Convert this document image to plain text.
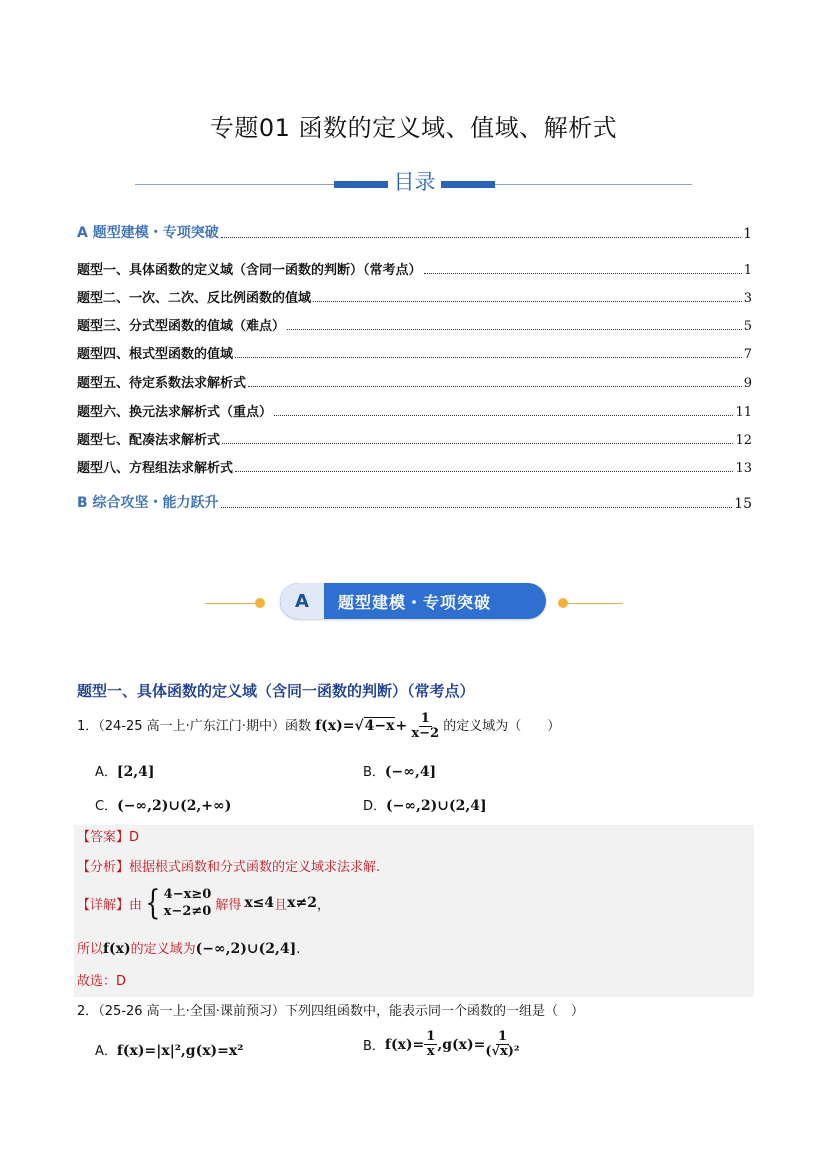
专题01 函数的定义域、值域、解析式
目录
A 题型建模・专项突破	1
题型一、具体函数的定义域（含同一函数的判断）（常考点）	1
题型二、一次、二次、反比例函数的值域	3
题型三、分式型函数的值域（难点）	5
题型四、根式型函数的值域	7
题型五、待定系数法求解析式	9
题型六、换元法求解析式（重点）	11
题型七、配凑法求解析式	12
题型八、方程组法求解析式	13
B 综合攻坚・能力跃升	15
A	题型建模・专项突破
题型一、具体函数的定义域（含同一函数的判断）（常考点）
1．（24-25 高一上·广东江门·期中）函数 $f(x)=√4-x+ \frac{1}{x-2}$ 的定义域为（　　）
A．[2,4]	B．(−∞,4]
C．(−∞,2)∪(2,+∞)	D．(−∞,2)∪(2,4]
【答案】D
【分析】根据根式函数和分式函数的定义域求法求解.
【详解】 由 { 4−x≥0
x−2≠0 解得 x≤4 且 x≠2 ，
所以f(x)的定义域为(−∞,2)∪(2,4].
故选：D
2．（25-26 高一上·全国·课前预习）下列四组函数中，能表示同一个函数的一组是（　）
A．f(x)=|x|²,g(x)=x²	B． $f(x)= \frac{1}{x} ,g(x)= \frac{1}{\text{(√x)²}}$
